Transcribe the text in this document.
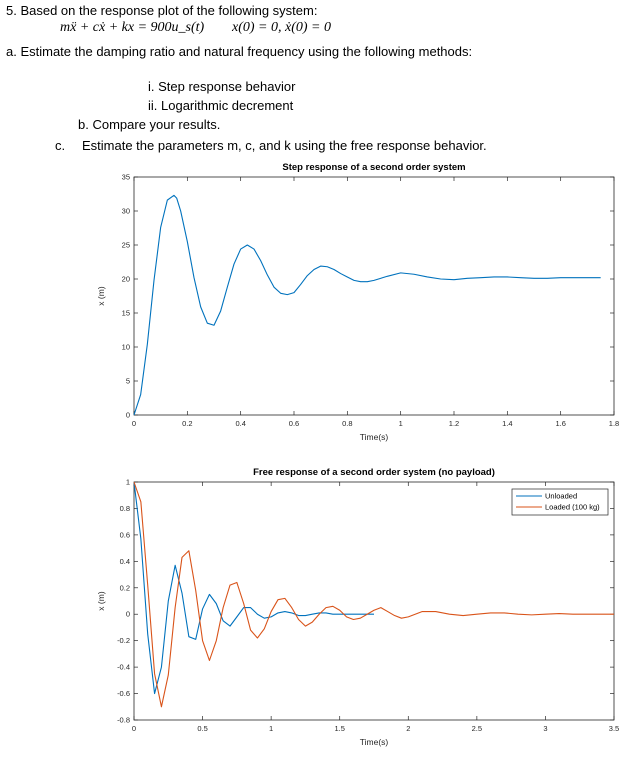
5. Based on the response plot of the following system:
mẍ + cẋ + kx = 900u_s(t) x(0) = 0, ẋ(0) = 0
a. Estimate the damping ratio and natural frequency using the following methods:
i. Step response behavior
ii. Logarithmic decrement
b. Compare your results.
c. Estimate the parameters m, c, and k using the free response behavior.
Step response of a second order system
0	0.2	0.4	0.6	0.8	1	1.2	1.4	1.6	1.8
0
5
10
15
20
25
30
35
Time(s)
x (m)
Free response of a second order system (no payload)
0	0.5	1	1.5	2	2.5	3	3.5
-0.8
-0.6
-0.4
-0.2
0
0.2
0.4
0.6
0.8
1
Time(s)
x (m)
Unloaded
Loaded (100 kg)
